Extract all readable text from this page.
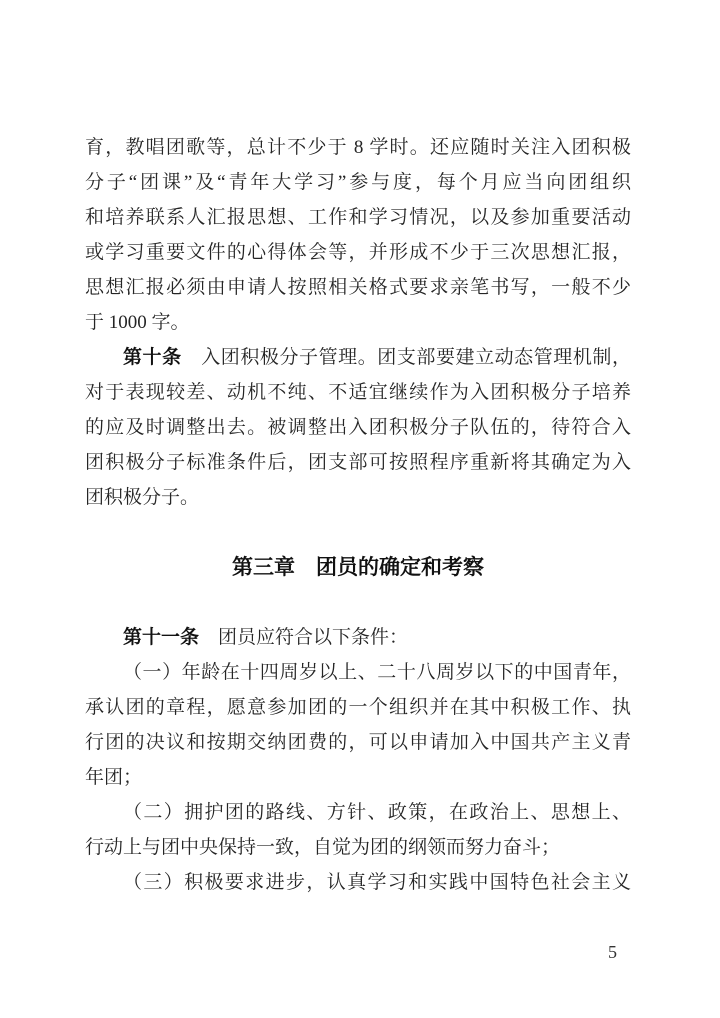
育，教唱团歌等，总计不少于 8 学时。还应随时关注入团积极
分子“团课”及“青年大学习”参与度，每个月应当向团组织
和培养联系人汇报思想、工作和学习情况，以及参加重要活动
或学习重要文件的心得体会等，并形成不少于三次思想汇报，
思想汇报必须由申请人按照相关格式要求亲笔书写，一般不少
于 1000 字。
第十条　入团积极分子管理。团支部要建立动态管理机制，
对于表现较差、动机不纯、不适宜继续作为入团积极分子培养
的应及时调整出去。被调整出入团积极分子队伍的，待符合入
团积极分子标准条件后，团支部可按照程序重新将其确定为入
团积极分子。
第三章　团员的确定和考察
第十一条　团员应符合以下条件：
（一）年龄在十四周岁以上、二十八周岁以下的中国青年，
承认团的章程，愿意参加团的一个组织并在其中积极工作、执
行团的决议和按期交纳团费的，可以申请加入中国共产主义青
年团；
（二）拥护团的路线、方针、政策，在政治上、思想上、
行动上与团中央保持一致，自觉为团的纲领而努力奋斗；
（三）积极要求进步，认真学习和实践中国特色社会主义
5
